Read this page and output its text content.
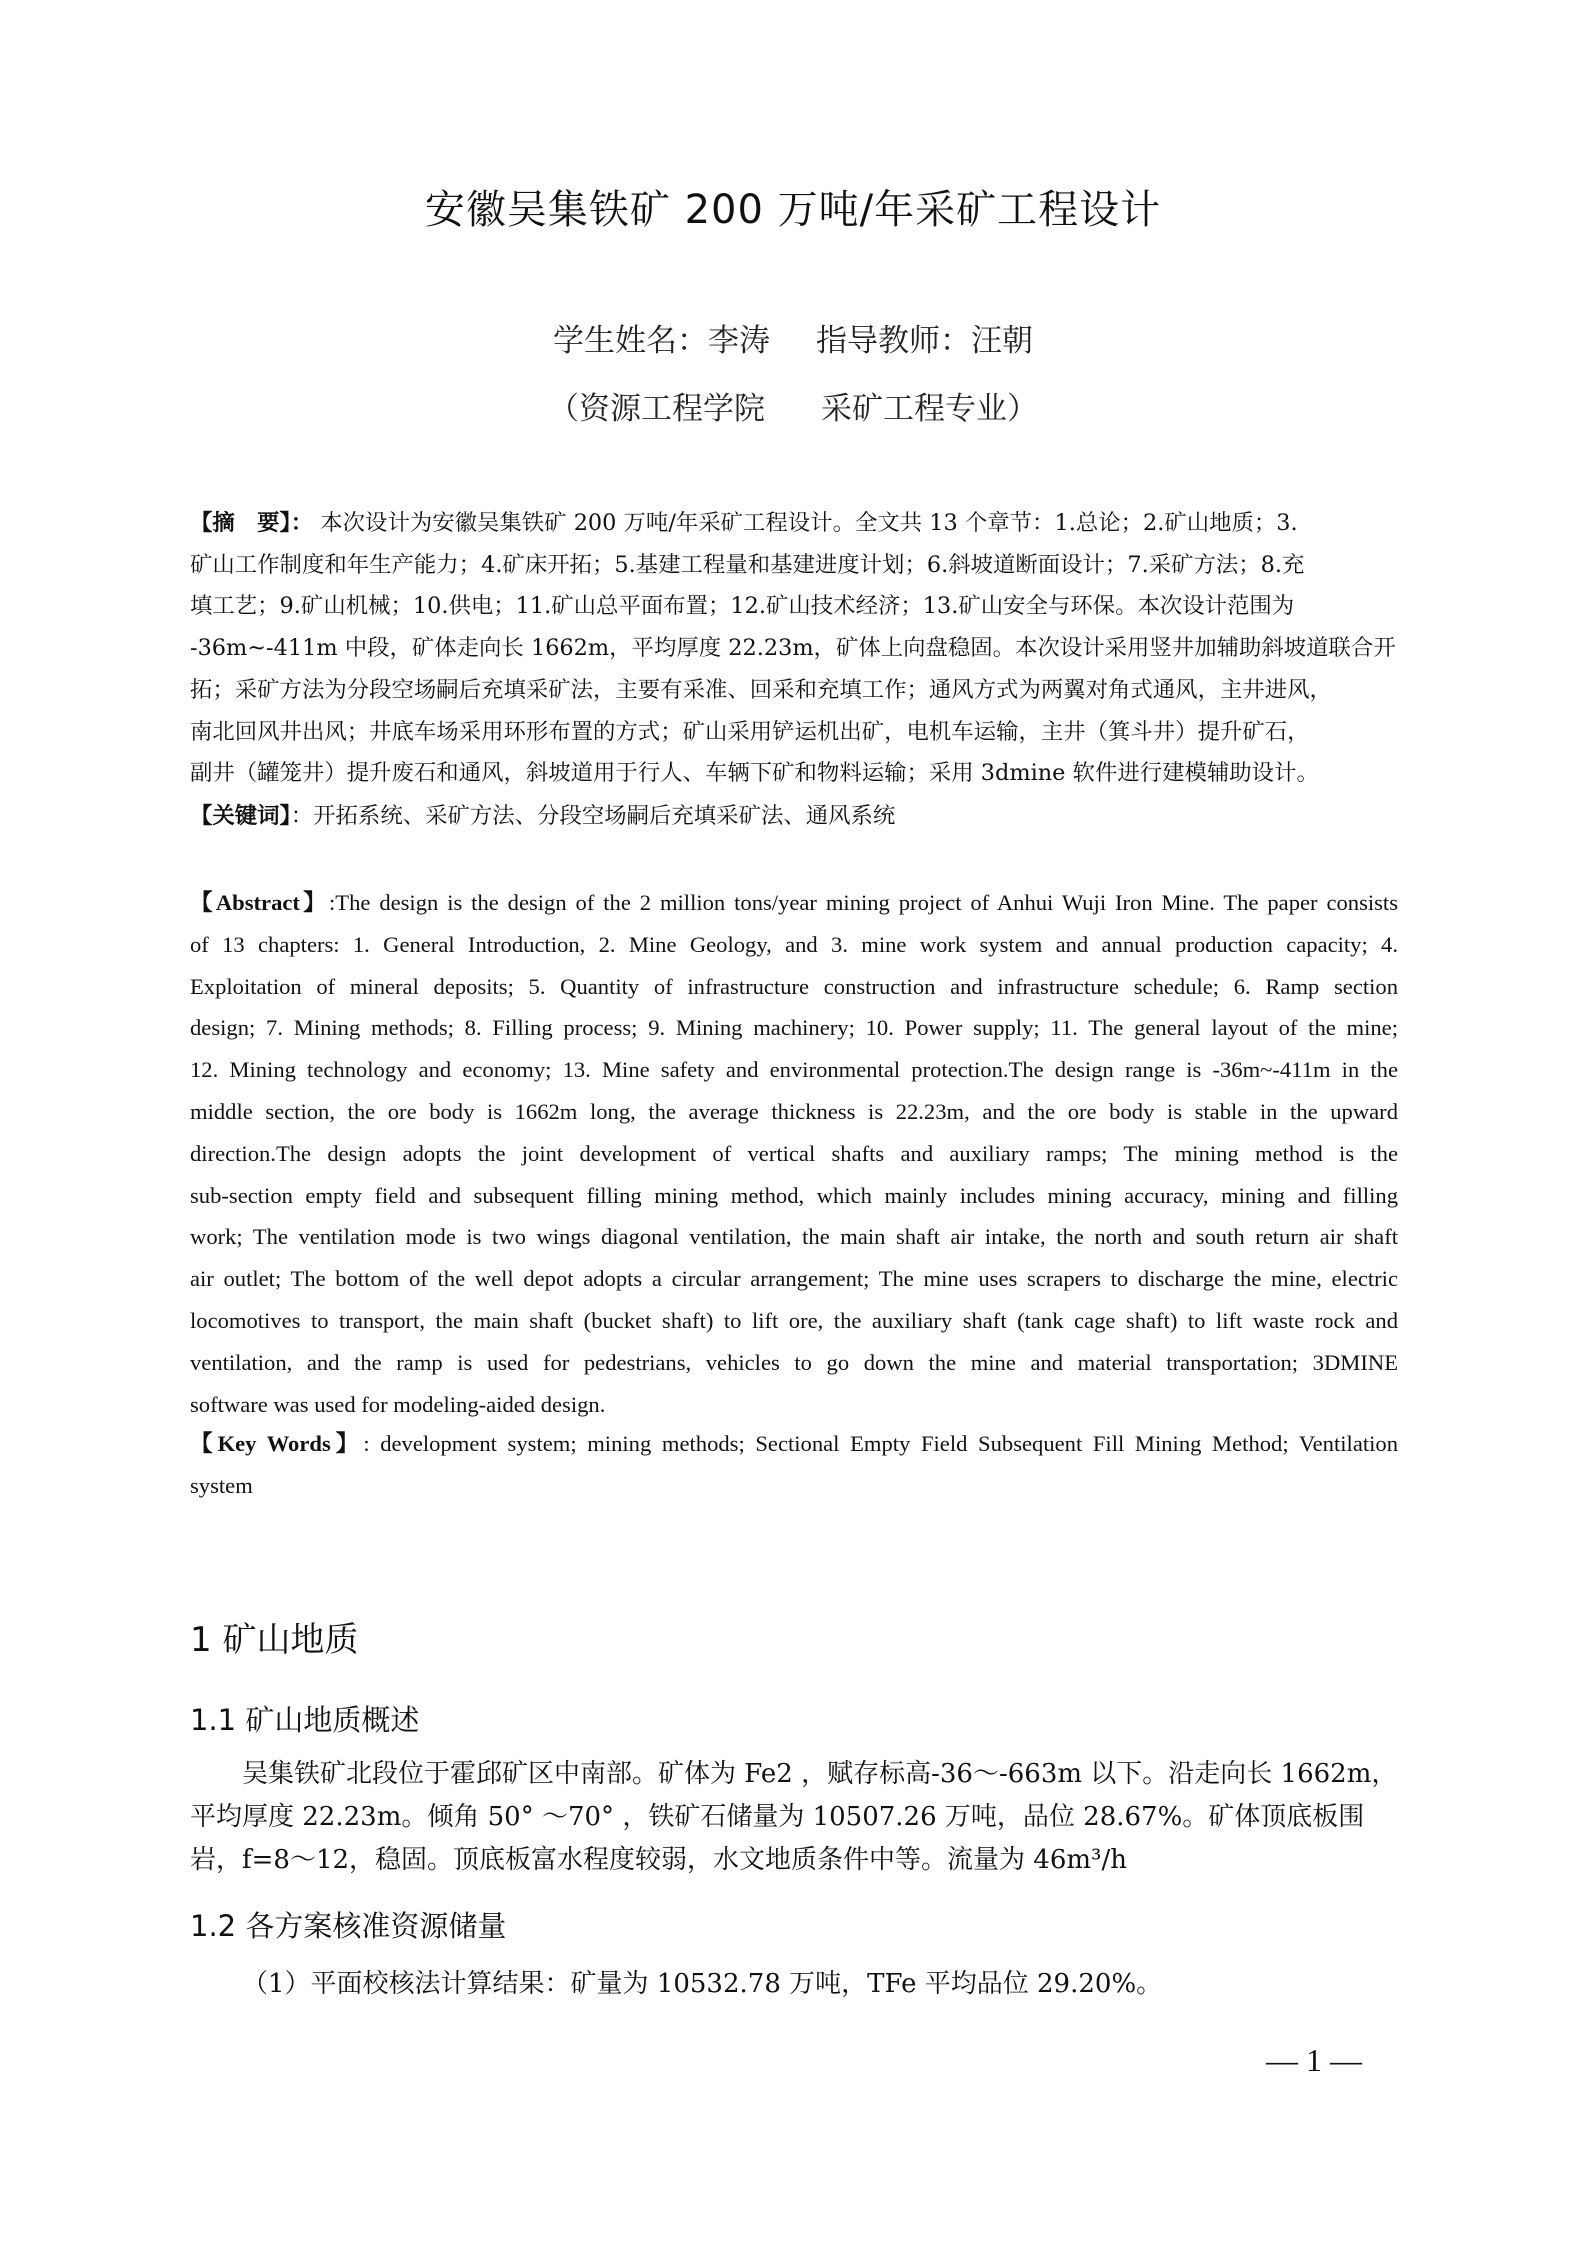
安徽吴集铁矿 200 万吨/年采矿工程设计
学生姓名：李涛 指导教师：汪朝
（资源工程学院 采矿工程专业）
【摘　要】： 本次设计为安徽吴集铁矿 200 万吨/年采矿工程设计。全文共 13 个章节：1.总论；2.矿山地质；3.
矿山工作制度和年生产能力；4.矿床开拓；5.基建工程量和基建进度计划；6.斜坡道断面设计；7.采矿方法；8.充
填工艺；9.矿山机械；10.供电；11.矿山总平面布置；12.矿山技术经济；13.矿山安全与环保。本次设计范围为
-36m~-411m 中段，矿体走向长 1662m，平均厚度 22.23m，矿体上向盘稳固。本次设计采用竖井加辅助斜坡道联合开
拓；采矿方法为分段空场嗣后充填采矿法，主要有采准、回采和充填工作；通风方式为两翼对角式通风，主井进风，
南北回风井出风；井底车场采用环形布置的方式；矿山采用铲运机出矿，电机车运输，主井（箕斗井）提升矿石，
副井（罐笼井）提升废石和通风，斜坡道用于行人、车辆下矿和物料运输；采用 3dmine 软件进行建模辅助设计。
【关键词】：开拓系统、采矿方法、分段空场嗣后充填采矿法、通风系统
【Abstract】:The design is the design of the 2 million tons/year mining project of Anhui Wuji Iron Mine. The paper consists
of 13 chapters: 1. General Introduction, 2. Mine Geology, and 3. mine work system and annual production capacity; 4.
Exploitation of mineral deposits; 5. Quantity of infrastructure construction and infrastructure schedule; 6. Ramp section
design; 7. Mining methods; 8. Filling process; 9. Mining machinery; 10. Power supply; 11. The general layout of the mine;
12. Mining technology and economy; 13. Mine safety and environmental protection.The design range is -36m~-411m in the
middle section, the ore body is 1662m long, the average thickness is 22.23m, and the ore body is stable in the upward
direction.The design adopts the joint development of vertical shafts and auxiliary ramps; The mining method is the
sub-section empty field and subsequent filling mining method, which mainly includes mining accuracy, mining and filling
work; The ventilation mode is two wings diagonal ventilation, the main shaft air intake, the north and south return air shaft
air outlet; The bottom of the well depot adopts a circular arrangement; The mine uses scrapers to discharge the mine, electric
locomotives to transport, the main shaft (bucket shaft) to lift ore, the auxiliary shaft (tank cage shaft) to lift waste rock and
ventilation, and the ramp is used for pedestrians, vehicles to go down the mine and material transportation; 3DMINE
software was used for modeling-aided design.
【Key Words】: development system; mining methods; Sectional Empty Field Subsequent Fill Mining Method; Ventilation
system
1 矿山地质
1.1 矿山地质概述
吴集铁矿北段位于霍邱矿区中南部。矿体为 Fe2 ，赋存标高-36～-663m 以下。沿走向长 1662m，
平均厚度 22.23m。倾角 50° ～70° ，铁矿石储量为 10507.26 万吨，品位 28.67%。矿体顶底板围
岩，f=8～12，稳固。顶底板富水程度较弱，水文地质条件中等。流量为 46m³/h
1.2 各方案核准资源储量
（1）平面校核法计算结果：矿量为 10532.78 万吨，TFe 平均品位 29.20%。
— 1 —
